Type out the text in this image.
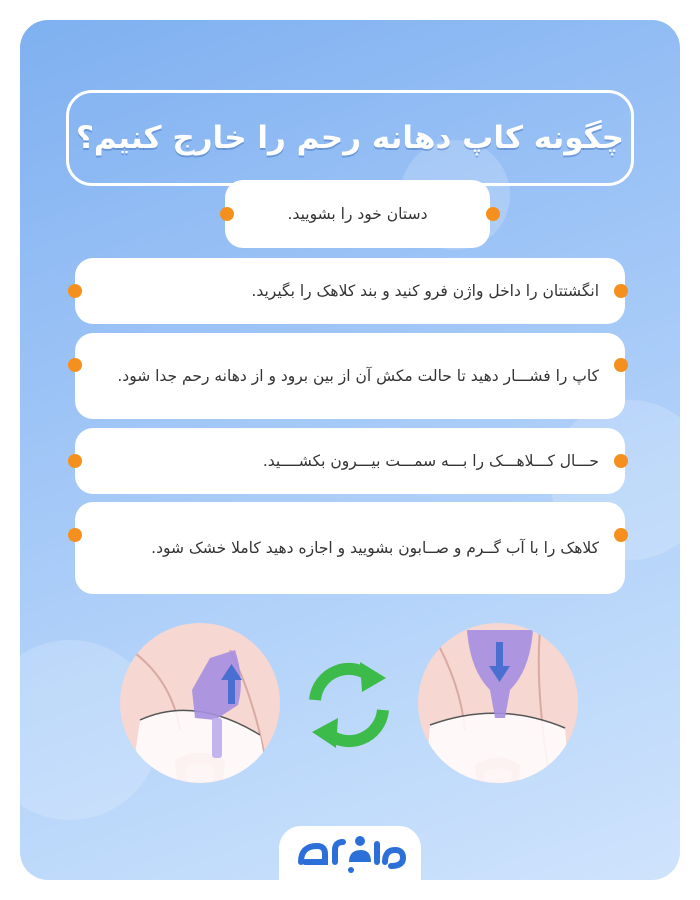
چگونه کاپ دهانه رحم را خارج کنیم؟
دستان خود را بشویید.
انگشتتان را داخل واژن فرو کنید و بند کلاهک را بگیرید.
کاپ را فشـــار دهید تا حالت مکش آن از بین برود و از دهانه رحم جدا شود.
حـــال کـــلاهـــک را بـــه سمـــت بیـــرون بکشــــید.
کلاهک را با آب گــرم و صــابون بشویید و اجازه دهید کاملا خشک شود.
